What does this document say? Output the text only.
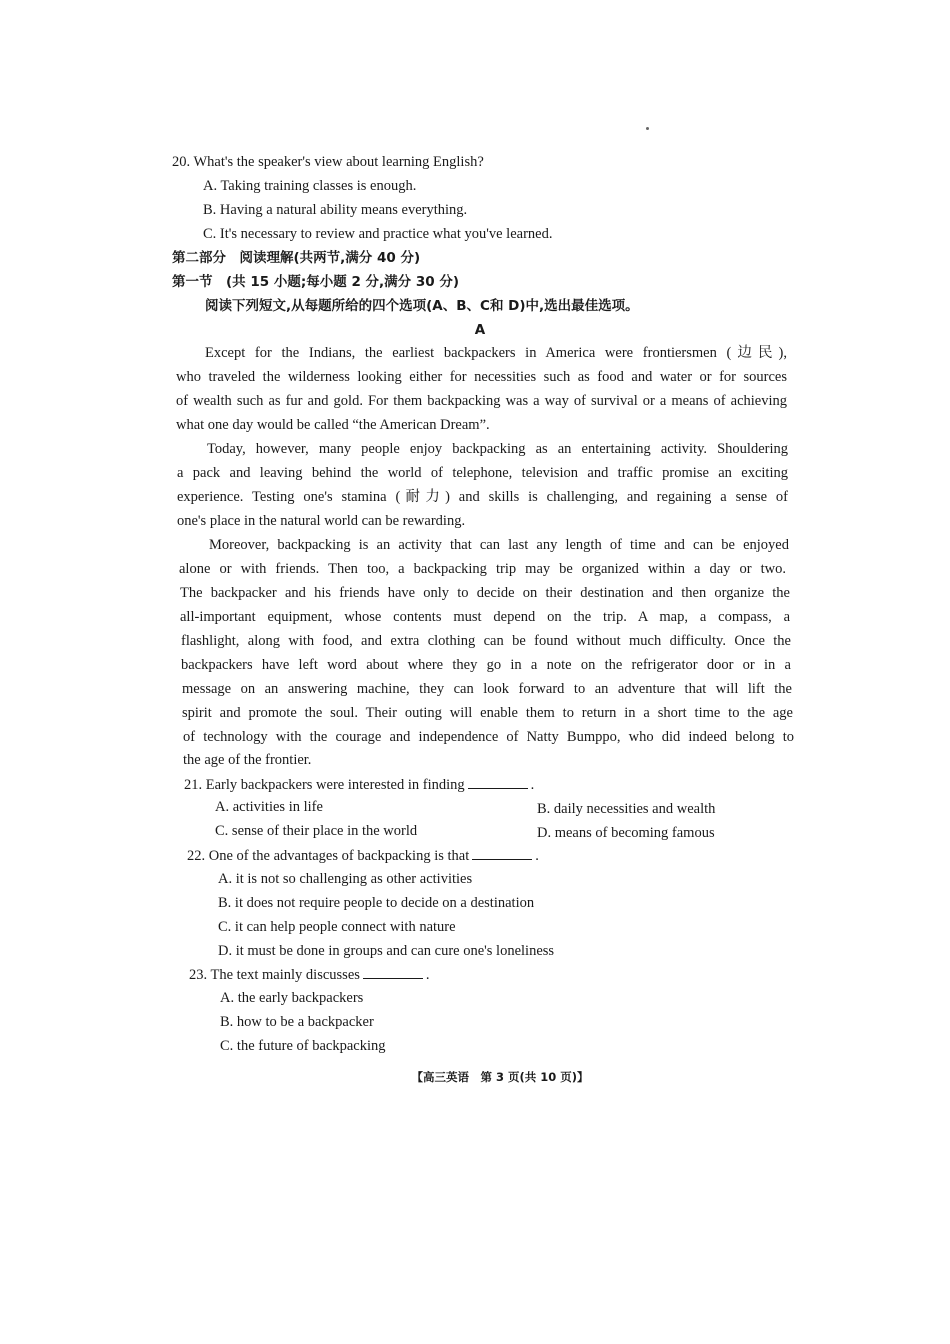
20. What's the speaker's view about learning English?
A. Taking training classes is enough.
B. Having a natural ability means everything.
C. It's necessary to review and practice what you've learned.
第二部分　阅读理解(共两节,满分 40 分)
第一节　(共 15 小题;每小题 2 分,满分 30 分)
阅读下列短文,从每题所给的四个选项(A、B、C和 D)中,选出最佳选项。
A
Except for the Indians, the earliest backpackers in America were frontiersmen (边民),
who traveled the wilderness looking either for necessities such as food and water or for sources
of wealth such as fur and gold. For them backpacking was a way of survival or a means of achieving
what one day would be called “the American Dream”.
Today, however, many people enjoy backpacking as an entertaining activity. Shouldering
a pack and leaving behind the world of telephone, television and traffic promise an exciting
experience. Testing one's stamina (耐力) and skills is challenging, and regaining a sense of
one's place in the natural world can be rewarding.
Moreover, backpacking is an activity that can last any length of time and can be enjoyed
alone or with friends. Then too, a backpacking trip may be organized within a day or two.
The backpacker and his friends have only to decide on their destination and then organize the
all-important equipment, whose contents must depend on the trip. A map, a compass, a
flashlight, along with food, and extra clothing can be found without much difficulty. Once the
backpackers have left word about where they go in a note on the refrigerator door or in a
message on an answering machine, they can look forward to an adventure that will lift the
spirit and promote the soul. Their outing will enable them to return in a short time to the age
of technology with the courage and independence of Natty Bumppo, who did indeed belong to
the age of the frontier.
21. Early backpackers were interested in finding	.
A. activities in life	B. daily necessities and wealth
C. sense of their place in the world	D. means of becoming famous
22. One of the advantages of backpacking is that	.
A. it is not so challenging as other activities
B. it does not require people to decide on a destination
C. it can help people connect with nature
D. it must be done in groups and can cure one's loneliness
23. The text mainly discusses	.
A. the early backpackers
B. how to be a backpacker
C. the future of backpacking
【高三英语　第 3 页(共 10 页)】
